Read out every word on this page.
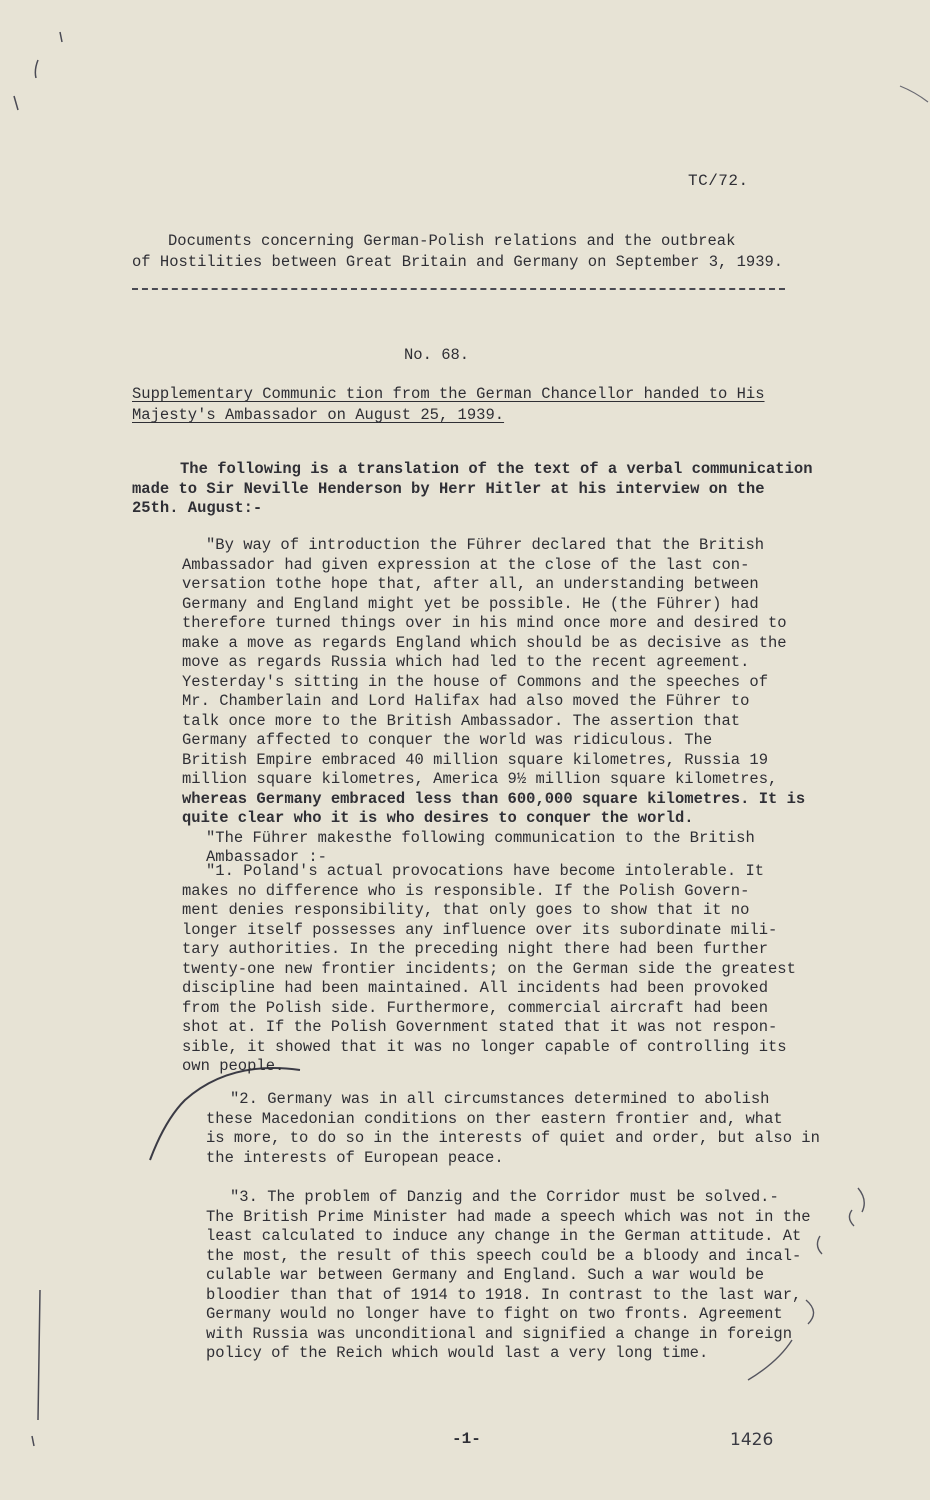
TC/72.
Documents concerning German-Polish relations and the outbreak
of Hostilities between Great Britain and Germany on September 3, 1939.
No. 68.
Supplementary Communic tion from the German Chancellor handed to His
Majesty's Ambassador on August 25, 1939.
The following is a translation of the text of a verbal communication
made to Sir Neville Henderson by Herr Hitler at his interview on the
25th. August:-
"By way of introduction the Führer declared that the British
Ambassador had given expression at the close of the last con-
versation tothe hope that, after all, an understanding between
Germany and England might yet be possible. He (the Führer) had
therefore turned things over in his mind once more and desired to
make a move as regards England which should be as decisive as the
move as regards Russia which had led to the recent agreement.
Yesterday's sitting in the house of Commons and the speeches of
Mr. Chamberlain and Lord Halifax had also moved the Führer to
talk once more to the British Ambassador. The assertion that
Germany affected to conquer the world was ridiculous. The
British Empire embraced 40 million square kilometres, Russia 19
million square kilometres, America 9½ million square kilometres,
whereas Germany embraced less than 600,000 square kilometres. It is
quite clear who it is who desires to conquer the world.
"The Führer makesthe following communication to the British
Ambassador :-
"1. Poland's actual provocations have become intolerable. It
makes no difference who is responsible. If the Polish Govern-
ment denies responsibility, that only goes to show that it no
longer itself possesses any influence over its subordinate mili-
tary authorities. In the preceding night there had been further
twenty-one new frontier incidents; on the German side the greatest
discipline had been maintained. All incidents had been provoked
from the Polish side. Furthermore, commercial aircraft had been
shot at. If the Polish Government stated that it was not respon-
sible, it showed that it was no longer capable of controlling its
own people.
"2. Germany was in all circumstances determined to abolish
these Macedonian conditions on ther eastern frontier and, what
is more, to do so in the interests of quiet and order, but also in
the interests of European peace.
"3. The problem of Danzig and the Corridor must be solved.-
The British Prime Minister had made a speech which was not in the
least calculated to induce any change in the German attitude. At
the most, the result of this speech could be a bloody and incal-
culable war between Germany and England. Such a war would be
bloodier than that of 1914 to 1918. In contrast to the last war,
Germany would no longer have to fight on two fronts. Agreement
with Russia was unconditional and signified a change in foreign
policy of the Reich which would last a very long time.
-1-	1426
